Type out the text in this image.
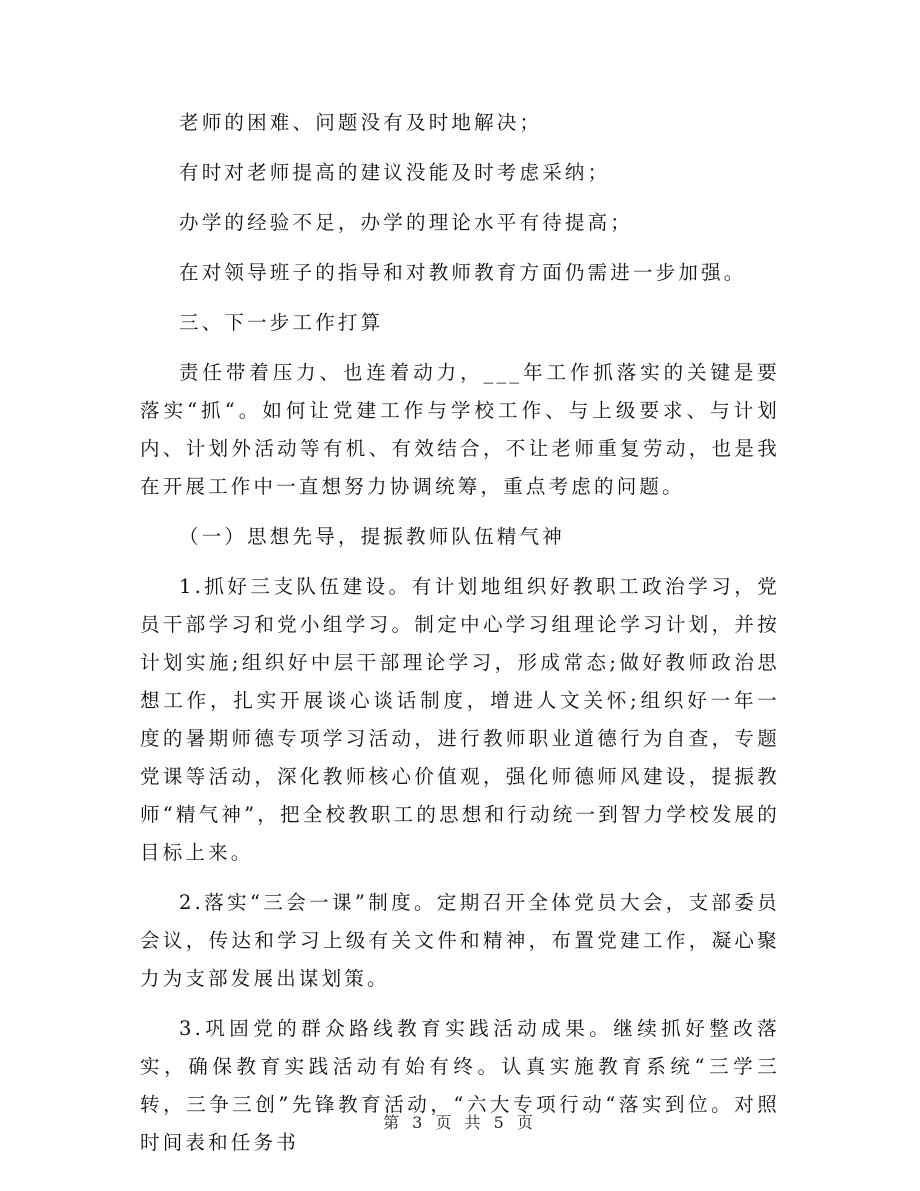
老师的困难、问题没有及时地解决；

有时对老师提高的建议没能及时考虑采纳；

办学的经验不足，办学的理论水平有待提高；

在对领导班子的指导和对教师教育方面仍需进一步加强。

三、下一步工作打算

责任带着压力、也连着动力，___年工作抓落实的关键是要落实“抓“。如何让党建工作与学校工作、与上级要求、与计划内、计划外活动等有机、有效结合，不让老师重复劳动，也是我在开展工作中一直想努力协调统筹，重点考虑的问题。

（一）思想先导，提振教师队伍精气神

1.抓好三支队伍建设。有计划地组织好教职工政治学习，党员干部学习和党小组学习。制定中心学习组理论学习计划，并按计划实施;组织好中层干部理论学习，形成常态;做好教师政治思想工作，扎实开展谈心谈话制度，增进人文关怀;组织好一年一度的暑期师德专项学习活动，进行教师职业道德行为自查，专题党课等活动，深化教师核心价值观，强化师德师风建设，提振教师“精气神”，把全校教职工的思想和行动统一到智力学校发展的目标上来。

2.落实“三会一课”制度。定期召开全体党员大会，支部委员会议，传达和学习上级有关文件和精神，布置党建工作，凝心聚力为支部发展出谋划策。

3.巩固党的群众路线教育实践活动成果。继续抓好整改落实，确保教育实践活动有始有终。认真实施教育系统“三学三转，三争三创”先锋教育活动，“六大专项行动“落实到位。对照时间表和任务书

第 3 页 共 5 页
